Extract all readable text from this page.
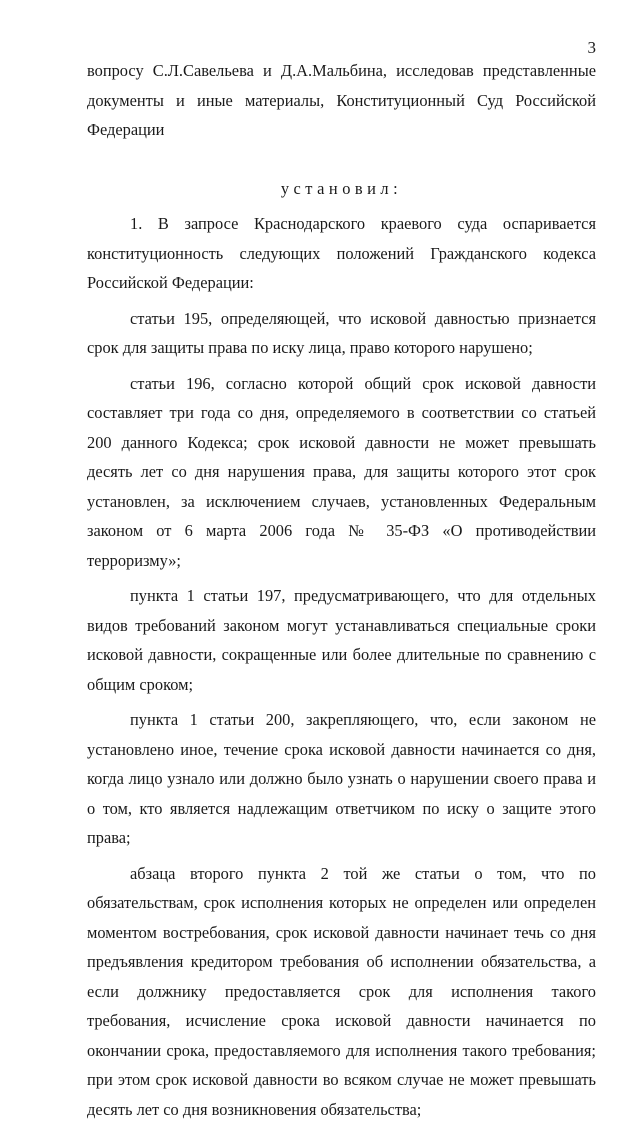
3

вопросу С.Л.Савельева и Д.А.Мальбина, исследовав представленные документы и иные материалы, Конституционный Суд Российской Федерации

установил:

1. В запросе Краснодарского краевого суда оспаривается конституционность следующих положений Гражданского кодекса Российской Федерации:

статьи 195, определяющей, что исковой давностью признается срок для защиты права по иску лица, право которого нарушено;

статьи 196, согласно которой общий срок исковой давности составляет три года со дня, определяемого в соответствии со статьей 200 данного Кодекса; срок исковой давности не может превышать десять лет со дня нарушения права, для защиты которого этот срок установлен, за исключением случаев, установленных Федеральным законом от 6 марта 2006 года № 35-ФЗ «О противодействии терроризму»;

пункта 1 статьи 197, предусматривающего, что для отдельных видов требований законом могут устанавливаться специальные сроки исковой давности, сокращенные или более длительные по сравнению с общим сроком;

пункта 1 статьи 200, закрепляющего, что, если законом не установлено иное, течение срока исковой давности начинается со дня, когда лицо узнало или должно было узнать о нарушении своего права и о том, кто является надлежащим ответчиком по иску о защите этого права;

абзаца второго пункта 2 той же статьи о том, что по обязательствам, срок исполнения которых не определен или определен моментом востребования, срок исковой давности начинает течь со дня предъявления кредитором требования об исполнении обязательства, а если должнику предоставляется срок для исполнения такого требования, исчисление срока исковой давности начинается по окончании срока, предоставляемого для исполнения такого требования; при этом срок исковой давности во всяком случае не может превышать десять лет со дня возникновения обязательства;
